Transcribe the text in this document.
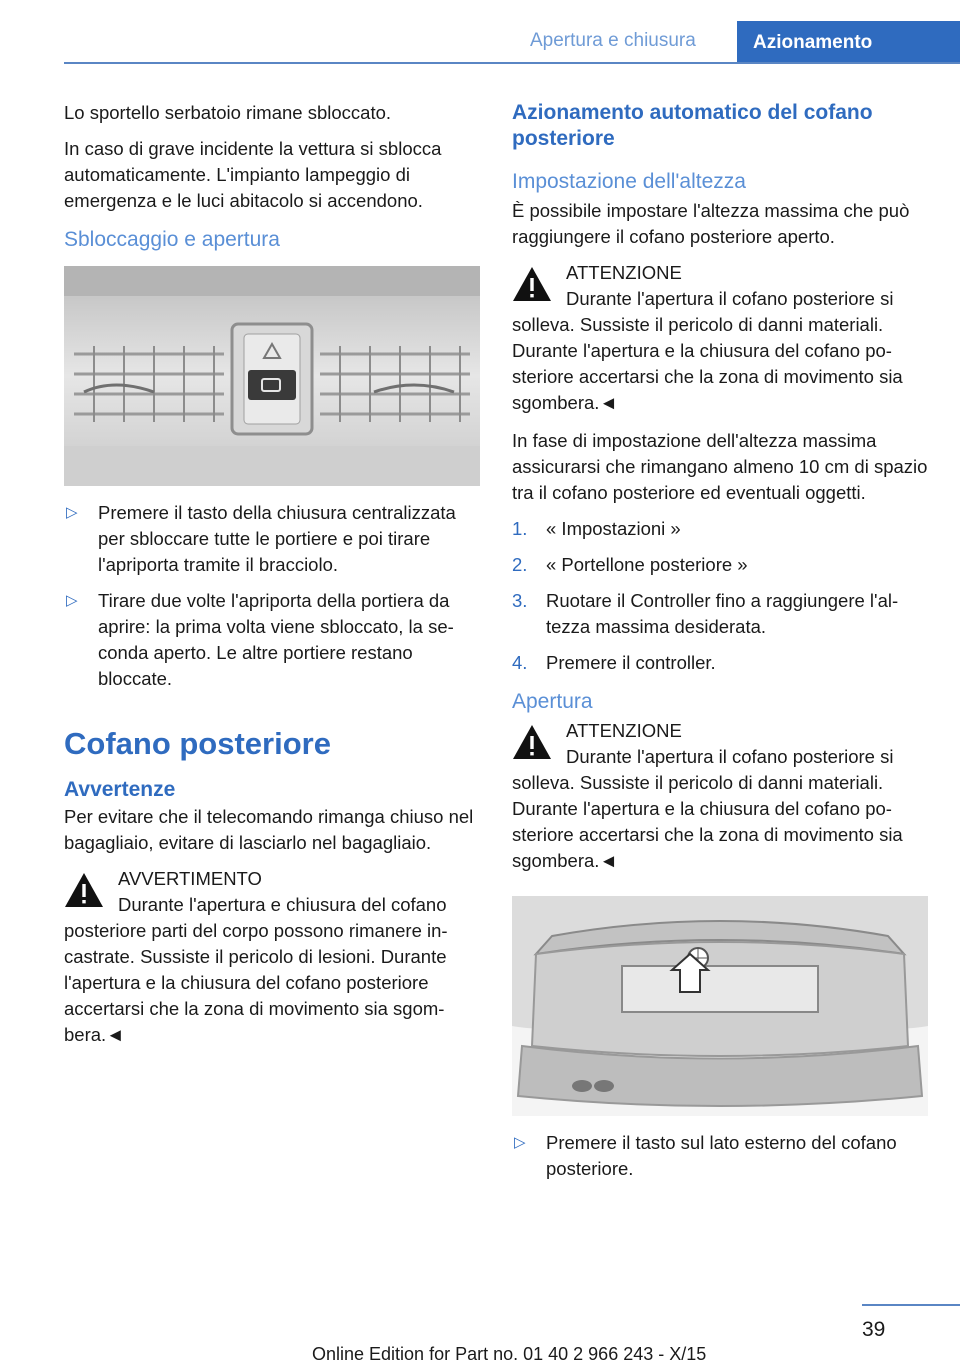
Apertura e chiusura	Azionamento

Lo sportello serbatoio rimane sbloccato.

In caso di grave incidente la vettura si sblocca automaticamente. L'impianto lampeggio di emergenza e le luci abitacolo si accendono.

Sbloccaggio e apertura
▷ Premere il tasto della chiusura centralizzata per sbloccare tutte le portiere e poi tirare l'apriporta tramite il bracciolo.
▷ Tirare due volte l'apriporta della portiera da aprire: la prima volta viene sbloccato, la seconda aperto. Le altre portiere restano bloccate.
Cofano posteriore
Avvertenze

Per evitare che il telecomando rimanga chiuso nel bagagliaio, evitare di lasciarlo nel bagagliaio.

AVVERTIMENTO
Durante l'apertura e chiusura del cofano posteriore parti del corpo possono rimanere incastrate. Sussiste il pericolo di lesioni. Durante l'apertura e la chiusura del cofano posteriore accertarsi che la zona di movimento sia sgombera.◄
Azionamento automatico del cofano posteriore
Impostazione dell'altezza

È possibile impostare l'altezza massima che può raggiungere il cofano posteriore aperto.

ATTENZIONE
Durante l'apertura il cofano posteriore si solleva. Sussiste il pericolo di danni materiali. Durante l'apertura e la chiusura del cofano posteriore accertarsi che la zona di movimento sia sgombera.◄

In fase di impostazione dell'altezza massima assicurarsi che rimangano almeno 10 cm di spazio tra il cofano posteriore ed eventuali oggetti.

1. « Impostazioni »
2. « Portellone posteriore »
3. Ruotare il Controller fino a raggiungere l'altezza massima desiderata.
4. Premere il controller.
Apertura
ATTENZIONE
Durante l'apertura il cofano posteriore si solleva. Sussiste il pericolo di danni materiali. Durante l'apertura e la chiusura del cofano posteriore accertarsi che la zona di movimento sia sgombera.◄
▷ Premere il tasto sul lato esterno del cofano posteriore.
39
Online Edition for Part no. 01 40 2 966 243 - X/15
